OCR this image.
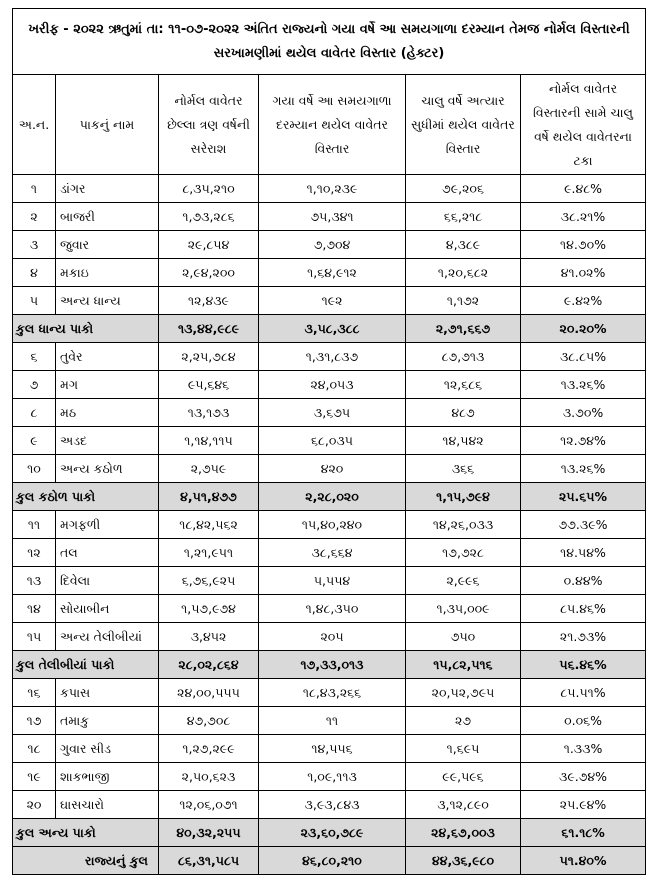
ખરીફ - ૨૦૨૨ ઋતુમાં તા: ૧૧-૦૭-૨૦૨૨ અંતિત રાજ્યનો ગયા વર્ષે આ સમયગાળા દરમ્યાન તેમજ નોર્મલ વિસ્તારની સરખામણીમાં થયેલ વાવેતર વિસ્તાર (હેક્ટર)					
અ.ન.	પાકનું નામ	નોર્મલ વાવેતર છેલ્લા ત્રણ વર્ષની સરેરાશ	ગયા વર્ષે આ સમયગાળા દરમ્યાન થયેલ વાવેતર વિસ્તાર	ચાલુ વર્ષે અત્યાર સુધીમાં થયેલ વાવેતર વિસ્તાર	નોર્મલ વાવેતર વિસ્તારની સામે ચાલુ વર્ષે થયેલ વાવેતરના ટકા
૧	ડાંગર	૮,૩૫,૨૧૦	૧,૧૦,૨૩૯	૭૯,૨૦૬	૯.૪૮%
૨	બાજરી	૧,૭૩,૨૮૬	૭૫,૩૪૧	૬૬,૨૧૮	૩૮.૨૧%
૩	જુવાર	૨૯,૮૫૪	૭,૭૦૪	૪,૩૮૯	૧૪.૭૦%
૪	મકાઇ	૨,૯૪,૨૦૦	૧,૬૪,૯૧૨	૧,૨૦,૬૮૨	૪૧.૦૨%
૫	અન્ય ધાન્ય	૧૨,૪૩૯	૧૯૨	૧,૧૭૨	૯.૪૨%
કુલ ધાન્ય પાકો		૧૩,૪૪,૯૮૯	૩,૫૮,૩૮૮	૨,૭૧,૬૬૭	૨૦.૨૦%
૬	તુવેર	૨,૨૫,૭૮૪	૧,૩૧,૮૩૭	૮૭,૭૧૩	૩૮.૮૫%
૭	મગ	૯૫,૬૪૬	૨૪,૦૫૩	૧૨,૬૮૬	૧૩.૨૬%
૮	મઠ	૧૩,૧૭૩	૩,૬૭૫	૪૮૭	૩.૭૦%
૯	અડદ	૧,૧૪,૧૧૫	૬૮,૦૩૫	૧૪,૫૪૨	૧૨.૭૪%
૧૦	અન્ય કઠોળ	૨,૭૫૯	૪૨૦	૩૬૬	૧૩.૨૬%
કુલ કઠોળ પાકો		૪,૫૧,૪૭૭	૨,૨૮,૦૨૦	૧,૧૫,૭૯૪	૨૫.૬૫%
૧૧	મગફળી	૧૮,૪૨,૫૬૨	૧૫,૪૦,૨૪૦	૧૪,૨૬,૦૩૩	૭૭.૩૯%
૧૨	તલ	૧,૨૧,૯૫૧	૩૮,૬૬૪	૧૭,૭૨૮	૧૪.૫૪%
૧૩	દિવેલા	૬,૭૬,૯૨૫	૫,૫૫૪	૨,૯૯૬	૦.૪૪%
૧૪	સોયાબીન	૧,૫૭,૯૭૪	૧,૪૮,૩૫૦	૧,૩૫,૦૦૯	૮૫.૪૬%
૧૫	અન્ય તેલીબીયાં	૩,૪૫૨	૨૦૫	૭૫૦	૨૧.૭૩%
કુલ તેલીબીયાં પાકો		૨૮,૦૨,૮૬૪	૧૭,૩૩,૦૧૩	૧૫,૮૨,૫૧૬	૫૬.૪૬%
૧૬	કપાસ	૨૪,૦૦,૫૫૫	૧૮,૪૩,૨૬૬	૨૦,૫૨,૭૯૫	૮૫.૫૧%
૧૭	તમાકુ	૪૭,૭૦૮	૧૧	૨૭	૦.૦૬%
૧૮	ગુવાર સીડ	૧,૨૭,૨૯૯	૧૪,૫૫૬	૧,૬૯૫	૧.૩૩%
૧૯	શાકભાજી	૨,૫૦,૬૨૩	૧,૦૯,૧૧૩	૯૯,૫૯૬	૩૯.૭૪%
૨૦	ઘાસચારો	૧૨,૦૬,૦૭૧	૩,૯૩,૮૪૩	૩,૧૨,૮૯૦	૨૫.૯૪%
કુલ અન્ય પાકો		૪૦,૩૨,૨૫૫	૨૩,૬૦,૭૮૯	૨૪,૬૭,૦૦૩	૬૧.૧૮%
રાજ્યનું કુલ		૮૬,૩૧,૫૮૫	૪૬,૮૦,૨૧૦	૪૪,૩૬,૯૮૦	૫૧.૪૦%
